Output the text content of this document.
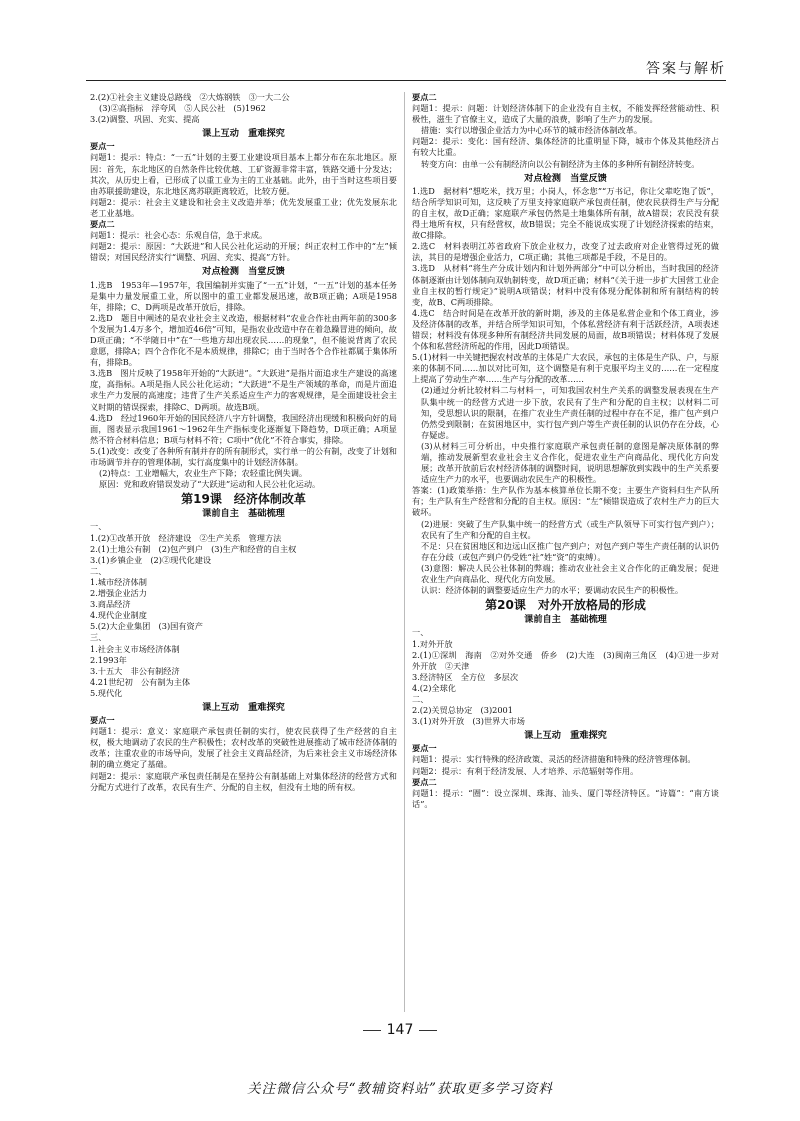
答案与解析
2.(2)①社会主义建设总路线　②大炼钢铁　③一大二公
(3)②高指标　浮夸风　⑤人民公社　(5)1962
3.(2)调整、巩固、充实、提高
课上互动　重难探究
要点一
问题1：提示：特点：“一五”计划的主要工业建设项目基本上都分布在东北地区。原因：首先，东北地区的自然条件比较优越、工矿资源非常丰富，铁路交通十分发达；其次，从历史上看，已形成了以重工业为主的工业基础。此外，由于当时这些项目要由苏联援助建设，东北地区离苏联距离较近，比较方便。
问题2：提示：社会主义建设和社会主义改造并举；优先发展重工业；优先发展东北老工业基地。
要点二
问题1：提示：社会心态：乐观自信，急于求成。
问题2：提示：原因：“大跃进”和人民公社化运动的开展；纠正农村工作中的“左”倾错误；对国民经济实行“调整、巩固、充实、提高”方针。
对点检测　当堂反馈
1.选B　1953年—1957年，我国编制并实施了“一五”计划，“一五”计划的基本任务是集中力量发展重工业，所以图中的重工业都发展迅速，故B项正确；A项是1958年，排除；C、D两项是改革开放后，排除。
2.选D　题目中阐述的是农业社会主义改造，根据材料“农业合作社由两年前的300多个发展为1.4万多个，增加近46倍”可知，是指农业改造中存在着急躁冒进的倾向，故D项正确；“不学随日中”在“一些地方却出现农民……的现象”，但不能说背离了农民意愿，排除A；四个合作化不是本质规律，排除C；由于当时各个合作社都属于集体所有，排除B。
3.选B　图片反映了1958年开始的“大跃进”。“大跃进”是指片面追求生产建设的高速度，高指标。A项是指人民公社化运动；“大跃进”不是生产领域的革命，而是片面追求生产力发展的高速度；违背了生产关系适应生产力的客观规律，是全面建设社会主义时期的错误探索，排除C、D两项。故选B项。
4.选D　经过1960年开始的国民经济八字方针调整，我国经济出现缓和积极向好的局面，图表显示我国1961～1962年生产指标变化逐渐复下降趋势，D项正确；A项显然不符合材料信息；B项与材料不符；C项中“优化”不符合事实，排除。
5.(1)改变：改变了各种所有制并存的所有制形式，实行单一的公有制，改变了计划和市场调节并存的管理体制，实行高度集中的计划经济体制。
(2)特点：工业增幅大，农业生产下降；农轻重比例失调。
原因：党和政府错误发动了“大跃进”运动和人民公社化运动。
第19课　经济体制改革
课前自主　基础梳理
一、
1.(2)①改革开放　经济建设　②生产关系　管理方法
2.(1)土地公有制　(2)包产到户　(3)生产和经营的自主权
3.(1)乡镇企业　(2)②现代化建设
二、
1.城市经济体制
2.增强企业活力
3.商品经济
4.现代企业制度
5.(2)大企业集团　(3)国有资产
三、
1.社会主义市场经济体制
2.1993年
3.十五大　非公有制经济
4.21世纪初　公有制为主体
5.现代化
课上互动　重难探究
要点一
问题1：提示：意义：家庭联产承包责任制的实行，使农民获得了生产经营的自主权，极大地调动了农民的生产积极性；农村改革的突破性进展推动了城市经济体制的改革；注重农业的市场导向，发展了社会主义商品经济，为后来社会主义市场经济体制的确立奠定了基础。
问题2：提示：家庭联产承包责任制是在坚持公有制基础上对集体经济的经营方式和分配方式进行了改革，农民有生产、分配的自主权，但没有土地的所有权。
要点二
问题1：提示：问题：计划经济体制下的企业没有自主权，不能发挥经营能动性、积极性，滋生了官僚主义，造成了大量的浪费，影响了生产力的发展。
措施：实行以增强企业活力为中心环节的城市经济体制改革。
问题2：提示：变化：国有经济、集体经济的比重明显下降，城市个体及其他经济占有较大比重。
转变方向：由单一公有制经济向以公有制经济为主体的多种所有制经济转变。
对点检测　当堂反馈
1.选D　据材料“想吃米，找万里；小岗人，怀念您”“万书记，你让父辈吃饱了饭”，结合所学知识可知，这反映了万里支持家庭联产承包责任制，使农民获得生产与分配的自主权，故D正确；家庭联产承包仍然是土地集体所有制，故A错误；农民没有获得土地所有权，只有经营权，故B错误；完全不能说成实现了计划经济探索的结束，故C排除。
2.选C　材料表明江苏省政府下放企业权力，改变了过去政府对企业管得过死的做法，其目的是增强企业活力，C项正确；其他三项都是手段，不是目的。
3.选D　从材料“将生产分成计划内和计划外两部分”中可以分析出，当时我国的经济体制逐渐由计划体制向双轨制转变，故D项正确；材料“《关于进一步扩大国营工业企业自主权的暂行规定》”说明A项错误；材料中没有体现分配体制和所有制结构的转变，故B、C两项排除。
4.选C　结合时间是在改革开放的新时期，涉及的主体是私营企业和个体工商业，涉及经济体制的改革，并结合所学知识可知，个体私营经济有利于活跃经济，A项表述错误；材料没有体现多种所有制经济共同发展的局面，故B项错误；材料体现了发展个体和私营经济所起的作用，因此D项错误。
5.(1)材料一中关键把握农村改革的主体是广大农民，承包的主体是生产队、户，与原来的体制不同……加以对比可知，这个调整是有利于克服平均主义的……在一定程度上提高了劳动生产率……生产与分配的改革……
(2)通过分析比较材料二与材料一，可知我国农村生产关系的调整发展表现在生产队集中统一的经营方式进一步下放，农民有了生产和分配的自主权；以材料二可知，受思想认识的限制，在推广农业生产责任制的过程中存在不足，推广包产到户仍然受到限制；在贫困地区中，实行包产到户等生产责任制的认识仍存在分歧，心存疑虑。
(3)从材料三可分析出，中央推行家庭联产承包责任制的意图是解决原体制的弊端，推动发展新型农业社会主义合作化，促进农业生产向商品化、现代化方向发展；改革开放前后农村经济体制的调整时间，说明思想解放到实践中的生产关系要适应生产力的水平，也要调动农民生产的积极性。
答案：(1)政策举措：生产队作为基本核算单位长期不变；主要生产资料归生产队所有；生产队有生产经营和分配的自主权。原因：“左”倾错误造成了农村生产力的巨大破坏。
(2)进展：突破了生产队集中统一的经营方式（或生产队领导下可实行包产到户）；农民有了生产和分配的自主权。
不足：只在贫困地区和边远山区推广包产到户；对包产到户等生产责任制的认识仍存在分歧（或包产到户仍受姓“社”姓“资”的束缚）。
(3)意图：解决人民公社体制的弊端；推动农业社会主义合作化的正确发展；促进农业生产向商品化、现代化方向发展。
认识：经济体制的调整要适应生产力的水平；要调动农民生产的积极性。
第20课　对外开放格局的形成
课前自主　基础梳理
一、
1.对外开放
2.(1)①深圳　海南　②对外交通　侨乡　(2)大连　(3)闽南三角区　(4)①进一步对外开放　②天津
3.经济特区　全方位　多层次
4.(2)全球化
二、
2.(2)关贸总协定　(3)2001
3.(1)对外开放　(3)世界大市场
课上互动　重难探究
要点一
问题1：提示：实行特殊的经济政策、灵活的经济措施和特殊的经济管理体制。
问题2：提示：有利于经济发展、人才培养、示范辐射等作用。
要点二
问题1：提示：“圈”：设立深圳、珠海、汕头、厦门等经济特区。“诗篇”：“南方谈话”。
147
关注微信公众号“教辅资料站”获取更多学习资料
